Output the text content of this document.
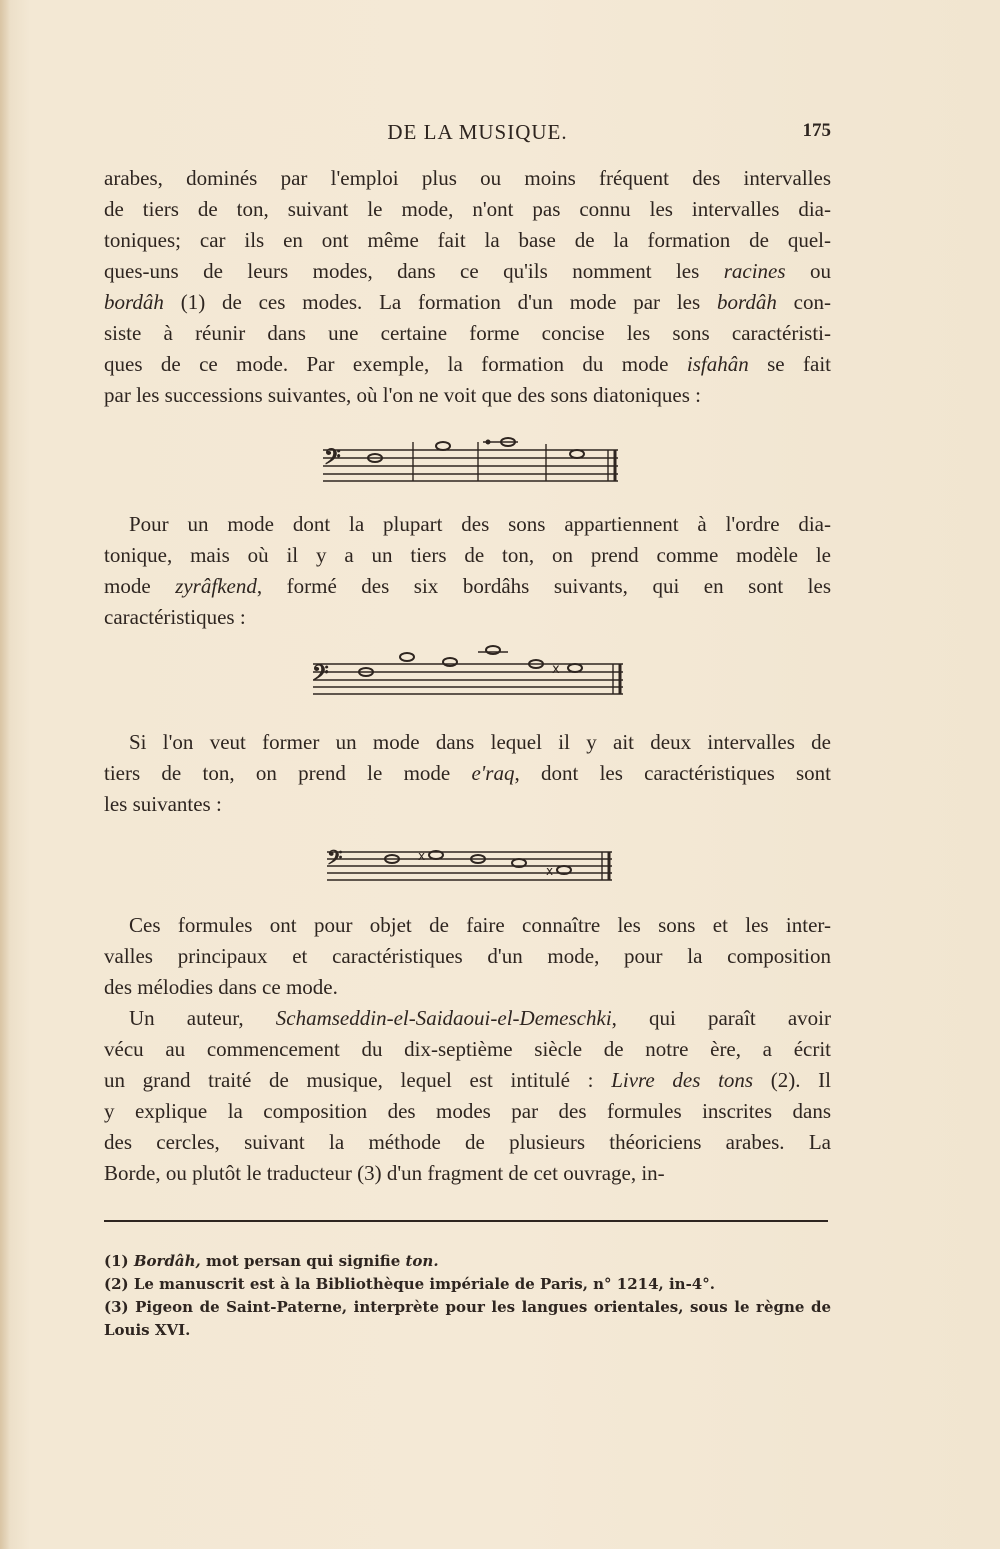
DE LA MUSIQUE.	175
arabes, dominés par l'emploi plus ou moins fréquent des intervalles
de tiers de ton, suivant le mode, n'ont pas connu les intervalles dia-
toniques; car ils en ont même fait la base de la formation de quel-
ques-uns de leurs modes, dans ce qu'ils nomment les racines ou
bordâh (1) de ces modes. La formation d'un mode par les bordâh con-
siste à réunir dans une certaine forme concise les sons caractéristi-
ques de ce mode. Par exemple, la formation du mode isfahân se fait
par les successions suivantes, où l'on ne voit que des sons diatoniques :
𝄢
Pour un mode dont la plupart des sons appartiennent à l'ordre dia-
tonique, mais où il y a un tiers de ton, on prend comme modèle le
mode zyrâfkend, formé des six bordâhs suivants, qui en sont les
caractéristiques :
𝄢	x
Si l'on veut former un mode dans lequel il y ait deux intervalles de
tiers de ton, on prend le mode e'raq, dont les caractéristiques sont
les suivantes :
𝄢	x
x
Ces formules ont pour objet de faire connaître les sons et les inter-
valles principaux et caractéristiques d'un mode, pour la composition
des mélodies dans ce mode.
Un auteur, Schamseddin-el-Saidaoui-el-Demeschki, qui paraît avoir
vécu au commencement du dix-septième siècle de notre ère, a écrit
un grand traité de musique, lequel est intitulé : Livre des tons (2). Il
y explique la composition des modes par des formules inscrites dans
des cercles, suivant la méthode de plusieurs théoriciens arabes. La
Borde, ou plutôt le traducteur (3) d'un fragment de cet ouvrage, in-
(1) Bordâh, mot persan qui signifie ton.
(2) Le manuscrit est à la Bibliothèque impériale de Paris, n° 1214, in-4°.
(3) Pigeon de Saint-Paterne, interprète pour les langues orientales, sous le règne de
Louis XVI.
